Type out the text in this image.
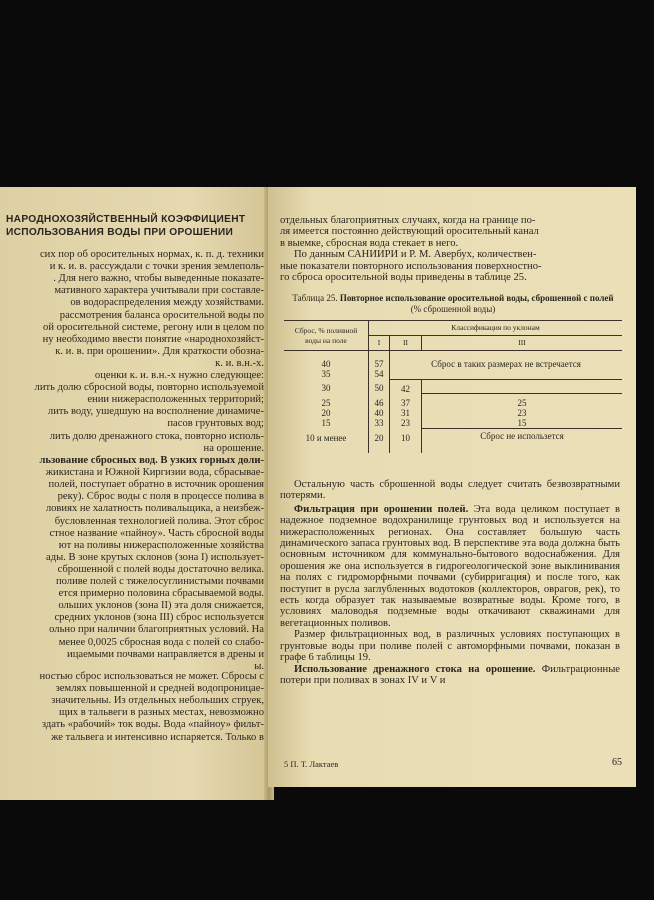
НАРОДНОХОЗЯЙСТВЕННЫЙ КОЭФФИЦИЕНТ
ИСПОЛЬЗОВАНИЯ ВОДЫ ПРИ ОРОШЕНИИ
сих пор об оросительных нормах, к. п. д. техники
и к. и. в. рассуждали с точки зрения землеполь-
. Для него важно, чтобы выведенные показате-
мативного характера учитывали при составле-
ов водораспределения между хозяйствами.
рассмотрения баланса оросительной воды по
ой оросительной системе, регону или в целом по
ну необходимо ввести понятие «народнохозяйст-
к. и. в. при орошении». Для краткости обозна-
к. и. в.н.-х.
оценки к. и. в.н.-х нужно следующее:
лить долю сбросной воды, повторно используемой
ении нижерасположенных территорий;
лить воду, ушедшую на восполнение динамиче-
пасов грунтовых вод;
лить долю дренажного стока, повторно исполь-
на орошение.
льзование сбросных вод. В узких горных доли-
жикистана и Южной Киргизии вода, сбрасывае-
полей, поступает обратно в источник орошения
реку). Сброс воды с поля в процессе полива в
ловиях не халатность поливальщика, а неизбеж-
бусловленная технологией полива. Этот сброс
стное название «пайноу». Часть сбросной воды
ют на поливы нижерасположенные хозяйства
ады. В зоне крутых склонов (зона I) использует-
сброшенной с полей воды достаточно велика.
поливе полей с тяжелосуглинистыми почвами
ется примерно половина сбрасываемой воды.
ольших уклонов (зона II) эта доля снижается,
средних уклонов (зона III) сброс используется
ольно при наличии благоприятных условий. На
менее 0,0025 сбросная вода с полей со слабо-
ицаемыми почвами направляется в дрены и
ы.
ностью сброс использоваться не может. Сбросы с
землях повышенной и средней водопроницае-
значительны. Из отдельных небольших струек,
щих в тальвеги в разных местах, невозможно
здать «рабочий» ток воды. Вода «пайноу» фильт-
же тальвега и интенсивно испаряется. Только в
отдельных благоприятных случаях, когда на границе по-
ля имеется постоянно действующий оросительный канал
в выемке, сбросная вода стекает в него.
По данным САНИИРИ и Р. М. Авербух, количествен-
ные показатели повторного использования поверхностно-
го сброса оросительной воды приведены в таблице 25.
Таблица 25. Повторное использование оросительной воды, сброшенной с полей (% сброшенной воды)
Сброс, % поливной воды на поле	Классификация по уклонам		
	I	II	III
40	57	Сброс в таких размерах не встречается	
35	54		
30	50	42	
25	46	37	25
20	40	31	23
15	33	23	15
10 и менее	20	10	Сброс не использется
Остальную часть сброшенной воды следует считать безвозвратными потерями.
Фильтрация при орошении полей. Эта вода целиком поступает в надежное подземное водохранилище грунтовых вод и используется на нижерасположенных регионах. Она составляет большую часть динамического запаса грунтовых вод. В перспективе эта вода должна быть основным источником для коммунально-бытового водоснабжения. Для орошения же она используется в гидрогеологической зоне выклинивания на полях с гидроморфными почвами (субирригация) и после того, как поступит в русла заглубленных водотоков (коллекторов, оврагов, рек), то есть когда образует так называемые возвратные воды. Кроме того, в условиях маловодья подземные воды откачивают скважинами для вегетационных поливов.
Размер фильтрационных вод, в различных условиях поступающих в грунтовые воды при поливе полей с автоморфными почвами, показан в графе 6 таблицы 19.
Использование дренажного стока на орошение. Фильтрационные потери при поливах в зонах IV и V и
5 П. Т. Лактаев	65
